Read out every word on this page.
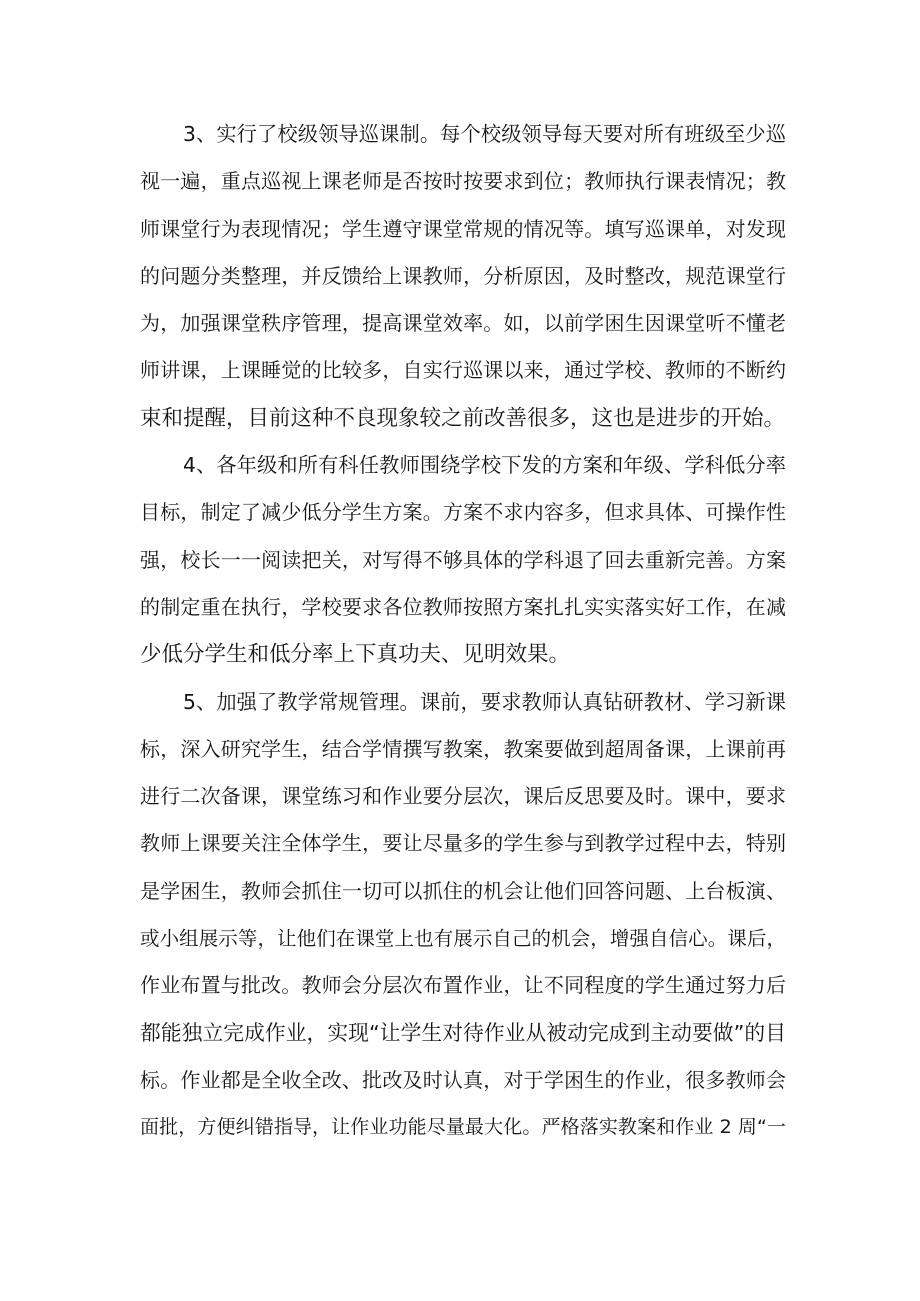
3、实行了校级领导巡课制。每个校级领导每天要对所有班级至少巡
视一遍，重点巡视上课老师是否按时按要求到位；教师执行课表情况；教
师课堂行为表现情况；学生遵守课堂常规的情况等。填写巡课单，对发现
的问题分类整理，并反馈给上课教师，分析原因，及时整改，规范课堂行
为，加强课堂秩序管理，提高课堂效率。如，以前学困生因课堂听不懂老
师讲课，上课睡觉的比较多，自实行巡课以来，通过学校、教师的不断约
束和提醒，目前这种不良现象较之前改善很多，这也是进步的开始。
4、各年级和所有科任教师围绕学校下发的方案和年级、学科低分率
目标，制定了减少低分学生方案。方案不求内容多，但求具体、可操作性
强，校长一一阅读把关，对写得不够具体的学科退了回去重新完善。方案
的制定重在执行，学校要求各位教师按照方案扎扎实实落实好工作，在减
少低分学生和低分率上下真功夫、见明效果。
5、加强了教学常规管理。课前，要求教师认真钻研教材、学习新课
标，深入研究学生，结合学情撰写教案，教案要做到超周备课，上课前再
进行二次备课，课堂练习和作业要分层次，课后反思要及时。课中，要求
教师上课要关注全体学生，要让尽量多的学生参与到教学过程中去，特别
是学困生，教师会抓住一切可以抓住的机会让他们回答问题、上台板演、
或小组展示等，让他们在课堂上也有展示自己的机会，增强自信心。课后，
作业布置与批改。教师会分层次布置作业，让不同程度的学生通过努力后
都能独立完成作业，实现“让学生对待作业从被动完成到主动要做”的目
标。作业都是全收全改、批改及时认真，对于学困生的作业，很多教师会
面批，方便纠错指导，让作业功能尽量最大化。严格落实教案和作业 2 周“一
